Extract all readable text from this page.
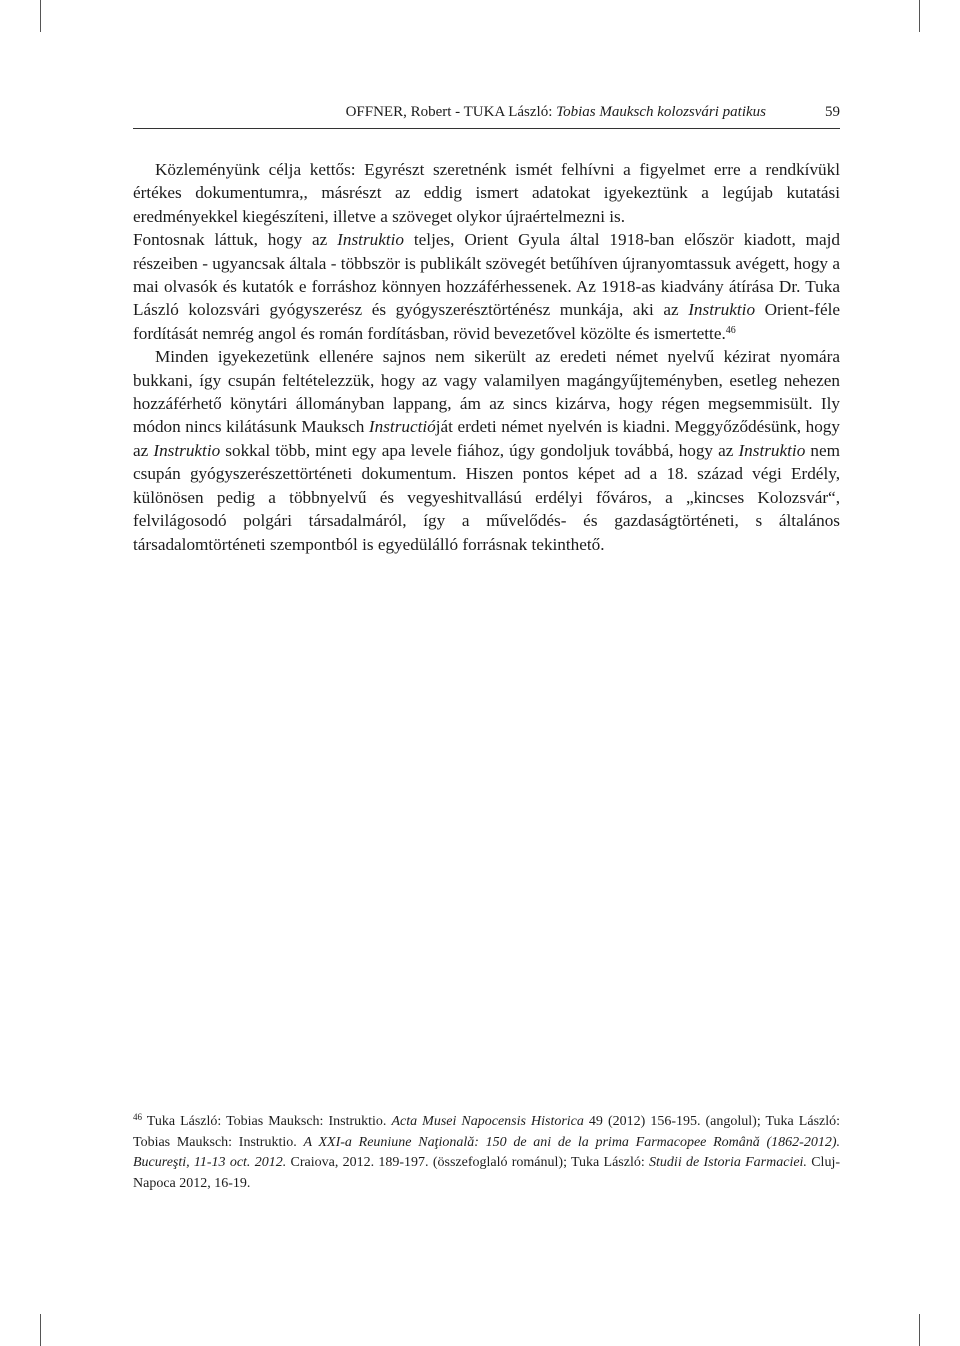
OFFNER, Robert - TUKA László: Tobias Mauksch kolozsvári patikus	59

Közleményünk célja kettős: Egyrészt szeretnénk ismét felhívni a figyelmet erre a rendkívükl értékes dokumentumra,, másrészt az eddig ismert adatokat igyekeztünk a legújab kutatási eredményekkel kiegészíteni, illetve a szöveget olykor újraértelmezni is.

Fontosnak láttuk, hogy az Instruktio teljes, Orient Gyula által 1918-ban először kiadott, majd részeiben - ugyancsak általa - többször is publikált szövegét betűhíven újranyomtassuk avégett, hogy a mai olvasók és kutatók e forráshoz könnyen hozzáférhessenek. Az 1918-as kiadvány átírása Dr. Tuka László kolozsvári gyógyszerész és gyógyszerésztörténész munkája, aki az Instruktio Orient-féle fordítását nemrég angol és román fordításban, rövid bevezetővel közölte és ismertette.$^{46}$

Minden igyekezetünk ellenére sajnos nem sikerült az eredeti német nyelvű kézirat nyomára bukkani, így csupán feltételezzük, hogy az vagy valamilyen magángyűjteményben, esetleg nehezen hozzáférhető könytári állományban lappang, ám az sincs kizárva, hogy régen megsemmisült. Ily módon nincs kilátásunk Mauksch Instructióját erdeti német nyelvén is kiadni. Meggyőződésünk, hogy az Instruktio sokkal több, mint egy apa levele fiához, úgy gondoljuk továbbá, hogy az Instruktio nem csupán gyógyszerészettörténeti dokumentum. Hiszen pontos képet ad a 18. század végi Erdély, különösen pedig a többnyelvű és vegyeshitvallású erdélyi főváros, a „kincses Kolozsvár“, felvilágosodó polgári társadalmáról, így a művelődés- és gazdaságtörténeti, s általános társadalomtörténeti szempontból is egyedülálló forrásnak tekinthető.

$^{46}$ Tuka László: Tobias Mauksch: Instruktio. Acta Musei Napocensis Historica 49 (2012) 156-195. (angolul); Tuka László: Tobias Mauksch: Instruktio. A XXI-a Reuniune Naţională: 150 de ani de la prima Farmacopee Română (1862-2012). Bucureşti, 11-13 oct. 2012. Craiova, 2012. 189-197. (összefoglaló románul); Tuka László: Studii de Istoria Farmaciei. Cluj-Napoca 2012, 16-19.
